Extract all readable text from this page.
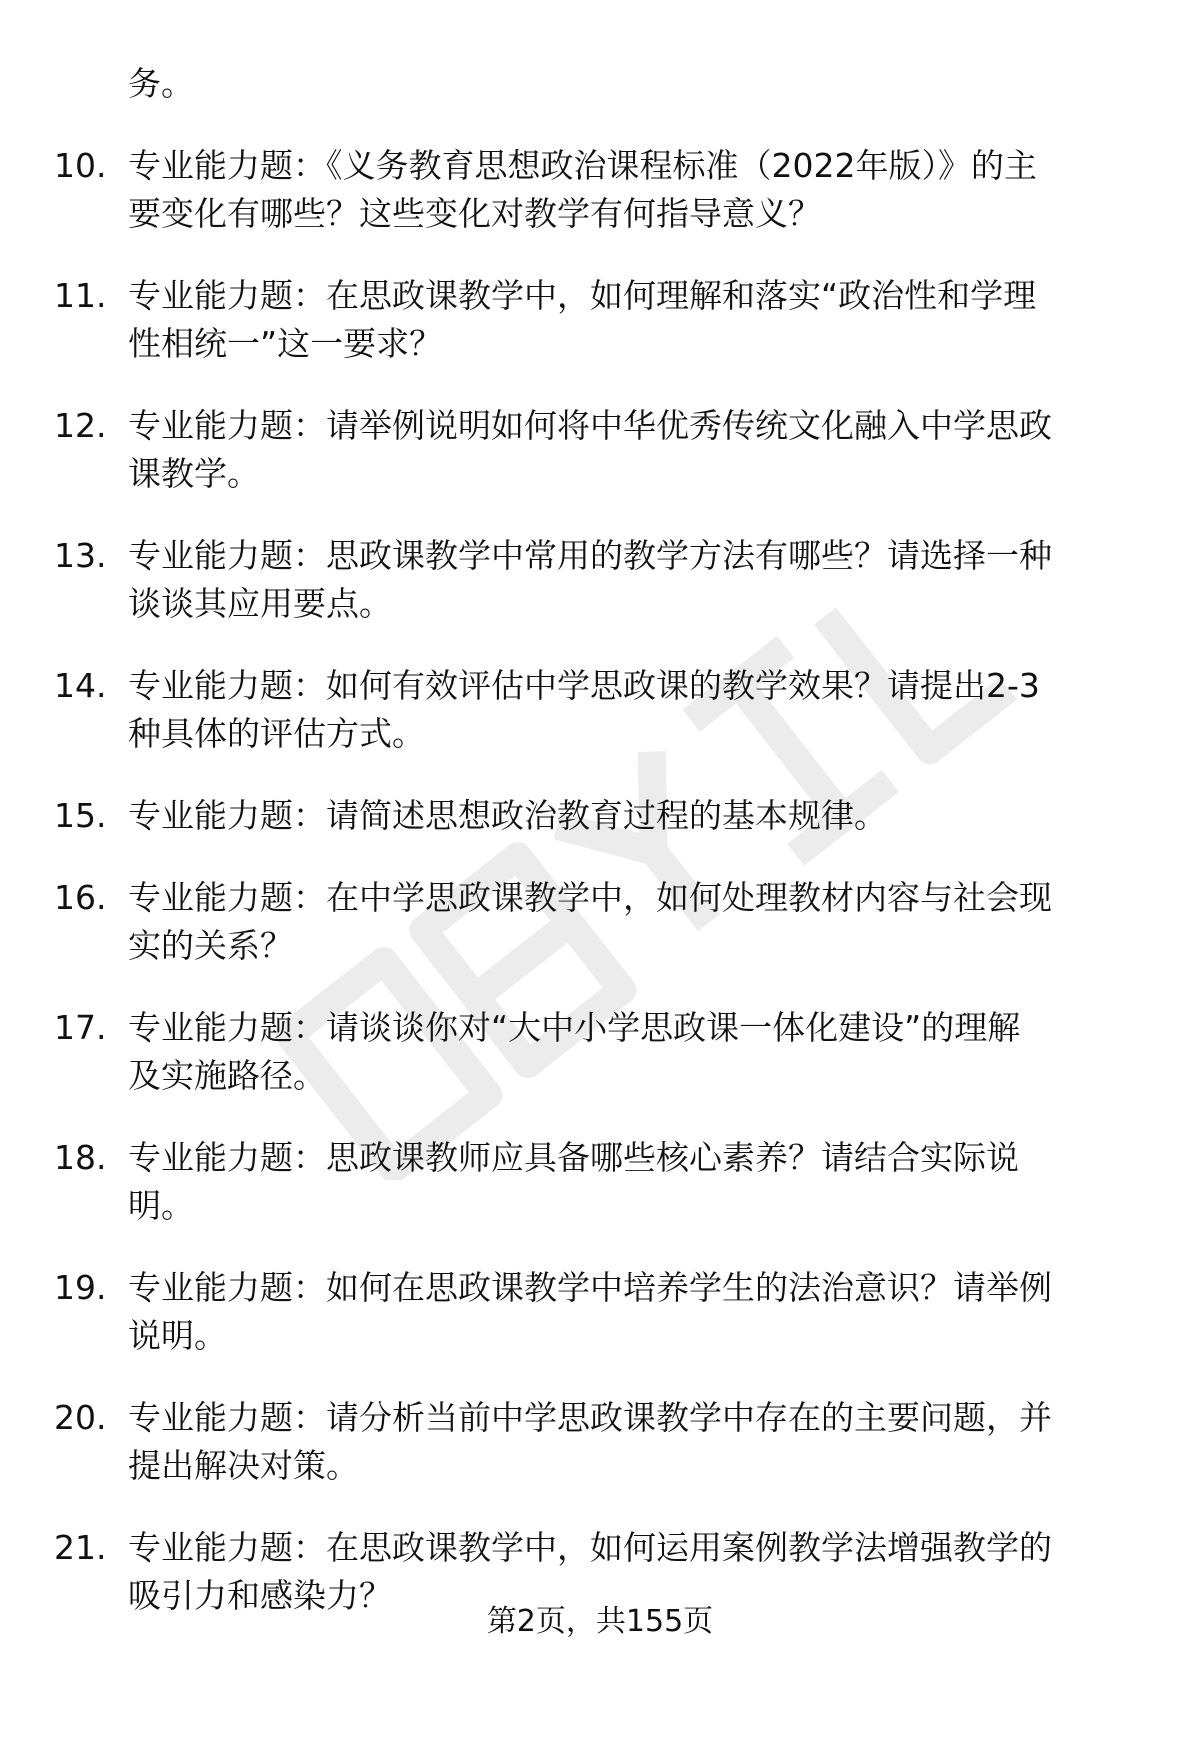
务。
10. 专业能力题：《义务教育思想政治课程标准（2022年版）》的主
要变化有哪些？这些变化对教学有何指导意义？
11. 专业能力题：在思政课教学中，如何理解和落实“政治性和学理
性相统一”这一要求？
12. 专业能力题：请举例说明如何将中华优秀传统文化融入中学思政
课教学。
13. 专业能力题：思政课教学中常用的教学方法有哪些？请选择一种
谈谈其应用要点。
14. 专业能力题：如何有效评估中学思政课的教学效果？请提出2-3
种具体的评估方式。
15. 专业能力题：请简述思想政治教育过程的基本规律。
16. 专业能力题：在中学思政课教学中，如何处理教材内容与社会现
实的关系？
17. 专业能力题：请谈谈你对“大中小学思政课一体化建设”的理解
及实施路径。
18. 专业能力题：思政课教师应具备哪些核心素养？请结合实际说
明。
19. 专业能力题：如何在思政课教学中培养学生的法治意识？请举例
说明。
20. 专业能力题：请分析当前中学思政课教学中存在的主要问题，并
提出解决对策。
21. 专业能力题：在思政课教学中，如何运用案例教学法增强教学的
吸引力和感染力？
第2页，共155页
